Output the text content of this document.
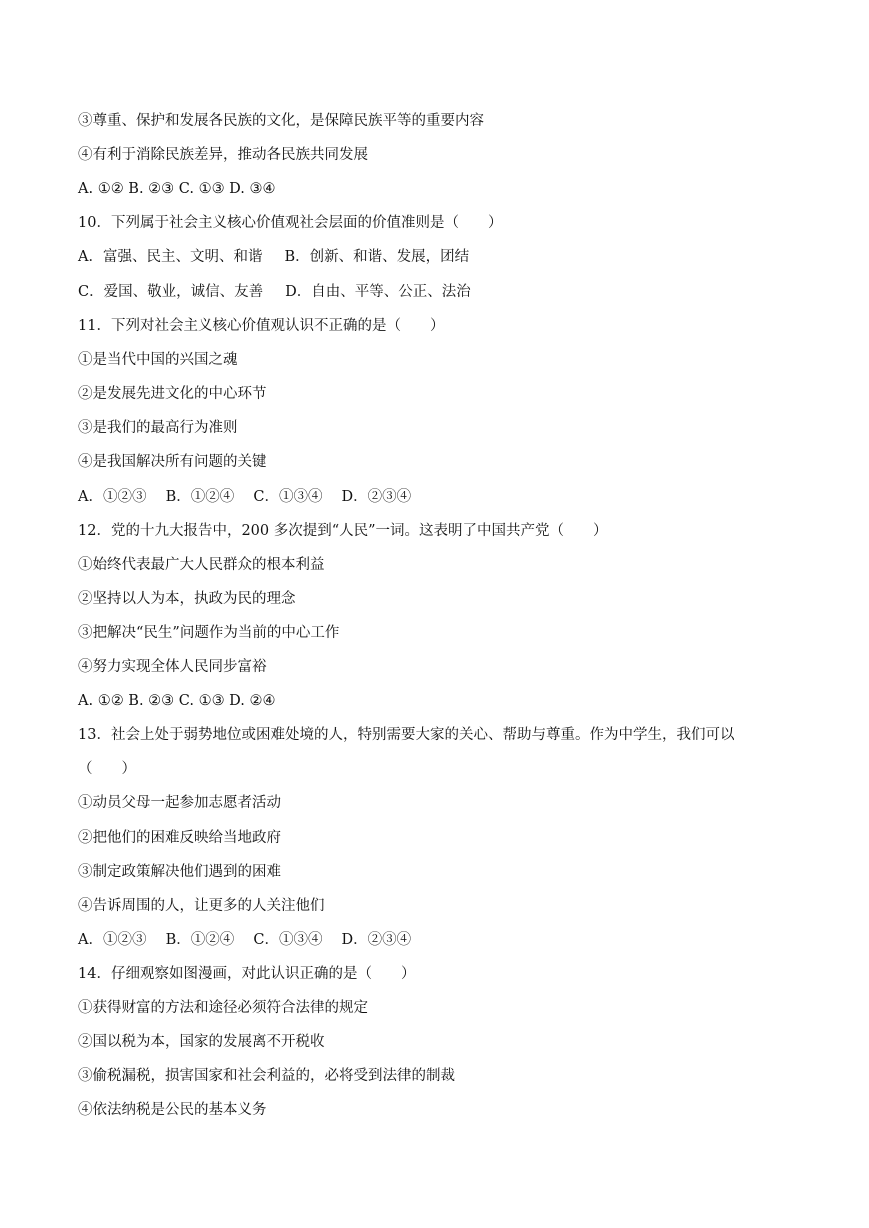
③尊重、保护和发展各民族的文化，是保障民族平等的重要内容
④有利于消除民族差异，推动各民族共同发展
A. ①② B. ②③ C. ①③ D. ③④
10．下列属于社会主义核心价值观社会层面的价值准则是（　　）
A．富强、民主、文明、和谐 B．创新、和谐、发展，团结
C．爱国、敬业，诚信、友善 D．自由、平等、公正、法治
11．下列对社会主义核心价值观认识不正确的是（　　）
①是当代中国的兴国之魂
②是发展先进文化的中心环节
③是我们的最高行为准则
④是我国解决所有问题的关键
A．①②③　 B．①②④　 C．①③④　 D．②③④
12．党的十九大报告中，200 多次提到“人民”一词。这表明了中国共产党（　　）
①始终代表最广大人民群众的根本利益
②坚持以人为本，执政为民的理念
③把解决“民生”问题作为当前的中心工作
④努力实现全体人民同步富裕
A. ①② B. ②③ C. ①③ D. ②④
13．社会上处于弱势地位或困难处境的人，特别需要大家的关心、帮助与尊重。作为中学生，我们可以
（　　）
①动员父母一起参加志愿者活动
②把他们的困难反映给当地政府
③制定政策解决他们遇到的困难
④告诉周围的人，让更多的人关注他们
A．①②③　 B．①②④　 C．①③④　 D．②③④
14．仔细观察如图漫画，对此认识正确的是（　　）
①获得财富的方法和途径必须符合法律的规定
②国以税为本，国家的发展离不开税收
③偷税漏税，损害国家和社会利益的，必将受到法律的制裁
④依法纳税是公民的基本义务
